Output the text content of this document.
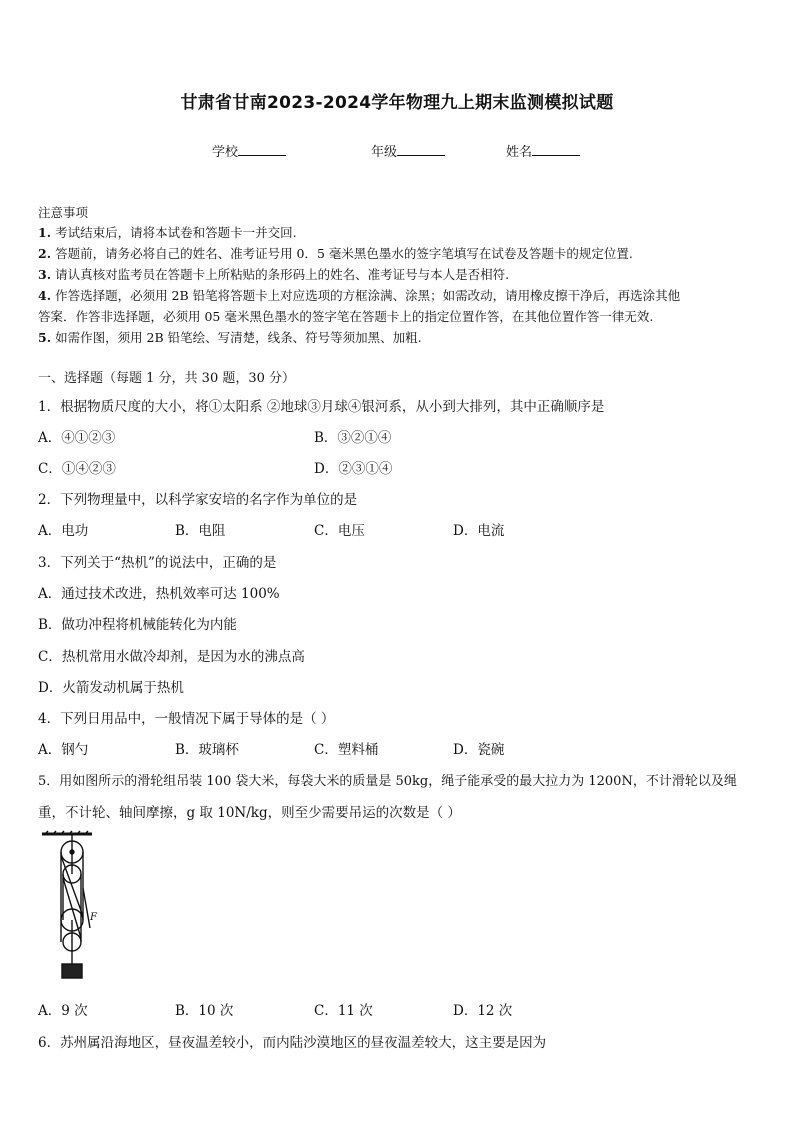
甘肃省甘南2023-2024学年物理九上期末监测模拟试题
学校	年级	姓名
注意事项
1. 考试结束后，请将本试卷和答题卡一并交回.
2. 答题前，请务必将自己的姓名、准考证号用 0．5 毫米黑色墨水的签字笔填写在试卷及答题卡的规定位置.
3. 请认真核对监考员在答题卡上所粘贴的条形码上的姓名、准考证号与本人是否相符.
4. 作答选择题，必须用 2B 铅笔将答题卡上对应选项的方框涂满、涂黑；如需改动，请用橡皮擦干净后，再选涂其他
答案．作答非选择题，必须用 05 毫米黑色墨水的签字笔在答题卡上的指定位置作答，在其他位置作答一律无效.
5. 如需作图，须用 2B 铅笔绘、写清楚，线条、符号等须加黑、加粗.
一、选择题（每题 1 分，共 30 题，30 分）
1．根据物质尺度的大小，将①太阳系 ②地球③月球④银河系，从小到大排列，其中正确顺序是
A．④①②③	B．③②①④
C．①④②③	D．②③①④
2．下列物理量中，以科学家安培的名字作为单位的是
A．电功	B．电阻	C．电压	D．电流
3．下列关于“热机”的说法中，正确的是
A．通过技术改进，热机效率可达 100%
B．做功冲程将机械能转化为内能
C．热机常用水做冷却剂，是因为水的沸点高
D．火箭发动机属于热机
4．下列日用品中，一般情况下属于导体的是（ ）
A．钢勺	B．玻璃杯	C．塑料桶	D．瓷碗
5．用如图所示的滑轮组吊装 100 袋大米，每袋大米的质量是 50kg，绳子能承受的最大拉力为 1200N，不计滑轮以及绳
重，不计轮、轴间摩擦，g 取 10N/kg，则至少需要吊运的次数是（ ）
F
A．9 次	B．10 次	C．11 次	D．12 次
6．苏州属沿海地区，昼夜温差较小，而内陆沙漠地区的昼夜温差较大，这主要是因为
